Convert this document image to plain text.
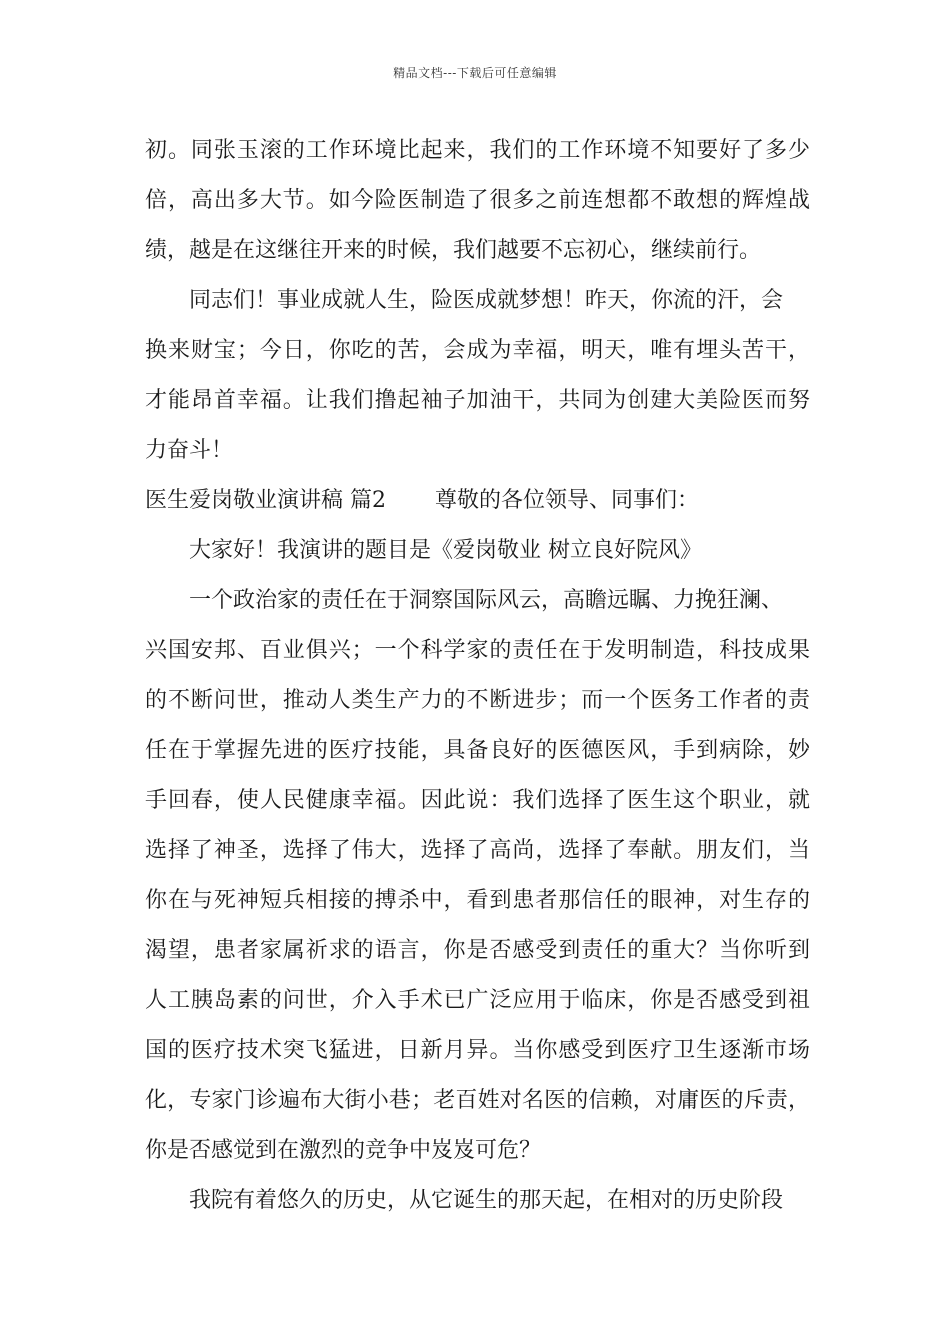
精品文档---下载后可任意编辑
初。同张玉滚的工作环境比起来，我们的工作环境不知要好了多少
倍，高出多大节。如今险医制造了很多之前连想都不敢想的辉煌战
绩，越是在这继往开来的时候，我们越要不忘初心，继续前行。
同志们！事业成就人生，险医成就梦想！昨天，你流的汗，会
换来财宝；今日，你吃的苦，会成为幸福，明天，唯有埋头苦干，
才能昂首幸福。让我们撸起袖子加油干，共同为创建大美险医而努
力奋斗！
医生爱岗敬业演讲稿 篇2	尊敬的各位领导、同事们：
大家好！我演讲的题目是《爱岗敬业 树立良好院风》
一个政治家的责任在于洞察国际风云，高瞻远瞩、力挽狂澜、
兴国安邦、百业俱兴；一个科学家的责任在于发明制造，科技成果
的不断问世，推动人类生产力的不断进步；而一个医务工作者的责
任在于掌握先进的医疗技能，具备良好的医德医风，手到病除，妙
手回春，使人民健康幸福。因此说：我们选择了医生这个职业，就
选择了神圣，选择了伟大，选择了高尚，选择了奉献。朋友们，当
你在与死神短兵相接的搏杀中，看到患者那信任的眼神，对生存的
渴望，患者家属祈求的语言，你是否感受到责任的重大？当你听到
人工胰岛素的问世，介入手术已广泛应用于临床，你是否感受到祖
国的医疗技术突飞猛进，日新月异。当你感受到医疗卫生逐渐市场
化，专家门诊遍布大街小巷；老百姓对名医的信赖，对庸医的斥责，
你是否感觉到在激烈的竞争中岌岌可危？
我院有着悠久的历史，从它诞生的那天起，在相对的历史阶段
